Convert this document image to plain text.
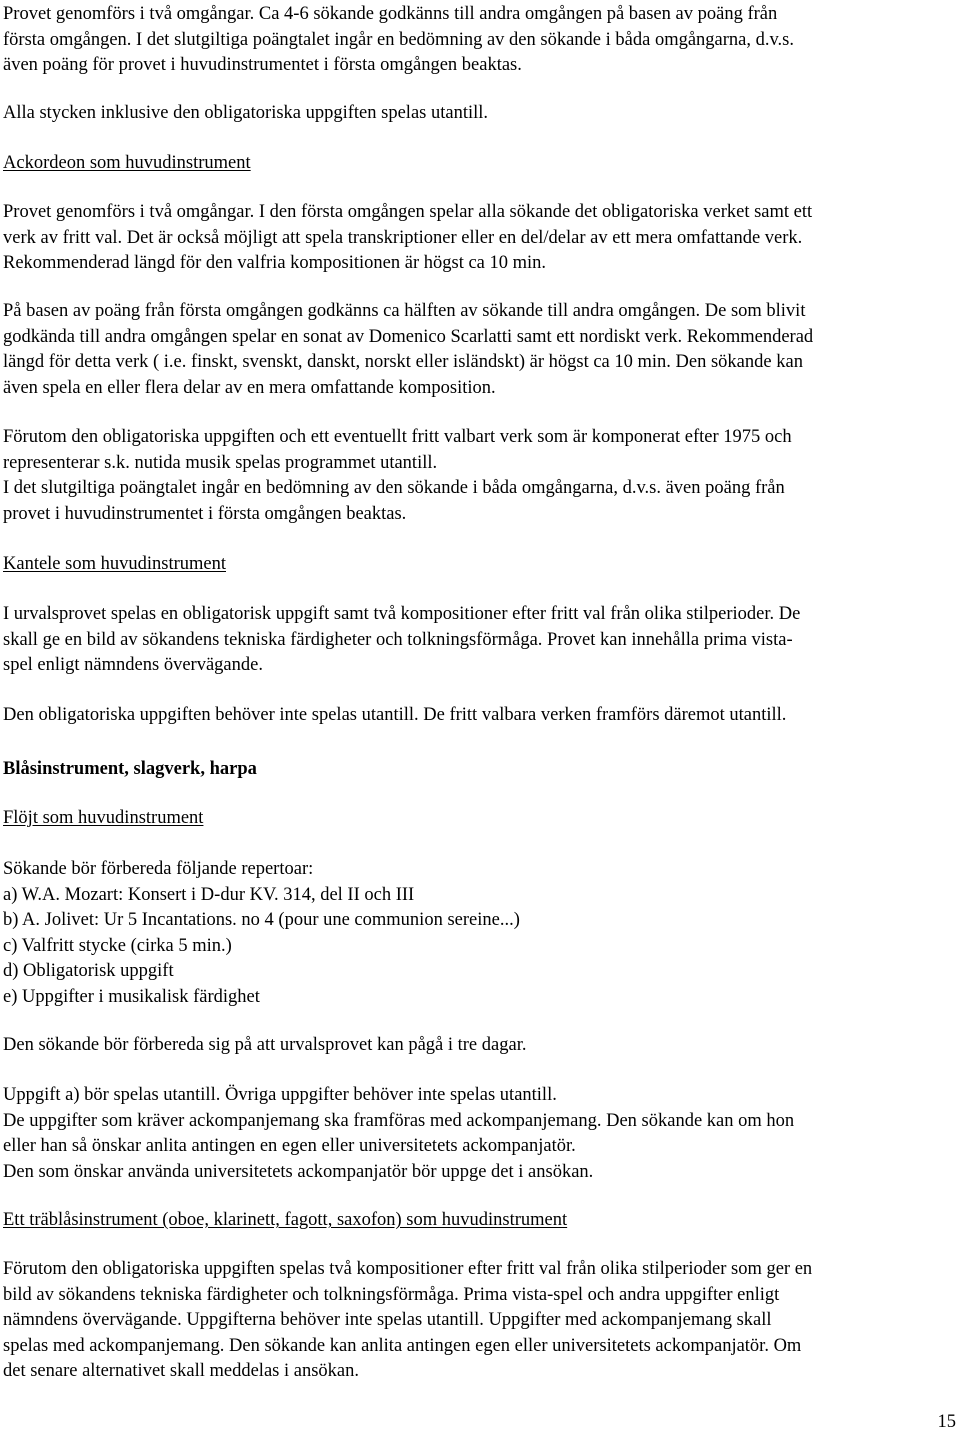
Provet genomförs i två omgångar. Ca 4-6 sökande godkänns till andra omgången på basen av poäng från
första omgången. I det slutgiltiga poängtalet ingår en bedömning av den sökande i båda omgångarna, d.v.s.
även poäng för provet i huvudinstrumentet i första omgången beaktas.
Alla stycken inklusive den obligatoriska uppgiften spelas utantill.
Ackordeon som huvudinstrument
Provet genomförs i två omgångar. I den första omgången spelar alla sökande det obligatoriska verket samt ett
verk av fritt val. Det är också möjligt att spela transkriptioner eller en del/delar av ett mera omfattande verk.
Rekommenderad längd för den valfria kompositionen är högst ca 10 min.
På basen av poäng från första omgången godkänns ca hälften av sökande till andra omgången. De som blivit
godkända till andra omgången spelar en sonat av Domenico Scarlatti samt ett nordiskt verk. Rekommenderad
längd för detta verk ( i.e. finskt, svenskt, danskt, norskt eller isländskt) är högst ca 10 min. Den sökande kan
även spela en eller flera delar av en mera omfattande komposition.
Förutom den obligatoriska uppgiften och ett eventuellt fritt valbart verk som är komponerat efter 1975 och
representerar s.k. nutida musik spelas programmet utantill.
I det slutgiltiga poängtalet ingår en bedömning av den sökande i båda omgångarna, d.v.s. även poäng från
provet i huvudinstrumentet i första omgången beaktas.
Kantele som huvudinstrument
I urvalsprovet spelas en obligatorisk uppgift samt två kompositioner efter fritt val från olika stilperioder. De
skall ge en bild av sökandens tekniska färdigheter och tolkningsförmåga. Provet kan innehålla prima vista-
spel enligt nämndens övervägande.
Den obligatoriska uppgiften behöver inte spelas utantill. De fritt valbara verken framförs däremot utantill.
Blåsinstrument, slagverk, harpa
Flöjt som huvudinstrument
Sökande bör förbereda följande repertoar:
a) W.A. Mozart: Konsert i D-dur KV. 314, del II och III
b) A. Jolivet: Ur 5 Incantations. no 4 (pour une communion sereine...)
c) Valfritt stycke (cirka 5 min.)
d) Obligatorisk uppgift
e) Uppgifter i musikalisk färdighet
Den sökande bör förbereda sig på att urvalsprovet kan pågå i tre dagar.
Uppgift a) bör spelas utantill. Övriga uppgifter behöver inte spelas utantill.
De uppgifter som kräver ackompanjemang ska framföras med ackompanjemang. Den sökande kan om hon
eller han så önskar anlita antingen en egen eller universitetets ackompanjatör.
Den som önskar använda universitetets ackompanjatör bör uppge det i ansökan.
Ett träblåsinstrument (oboe, klarinett, fagott, saxofon) som huvudinstrument
Förutom den obligatoriska uppgiften spelas två kompositioner efter fritt val från olika stilperioder som ger en
bild av sökandens tekniska färdigheter och tolkningsförmåga. Prima vista-spel och andra uppgifter enligt
nämndens övervägande. Uppgifterna behöver inte spelas utantill. Uppgifter med ackompanjemang skall
spelas med ackompanjemang. Den sökande kan anlita antingen egen eller universitetets ackompanjatör. Om
det senare alternativet skall meddelas i ansökan.
15
